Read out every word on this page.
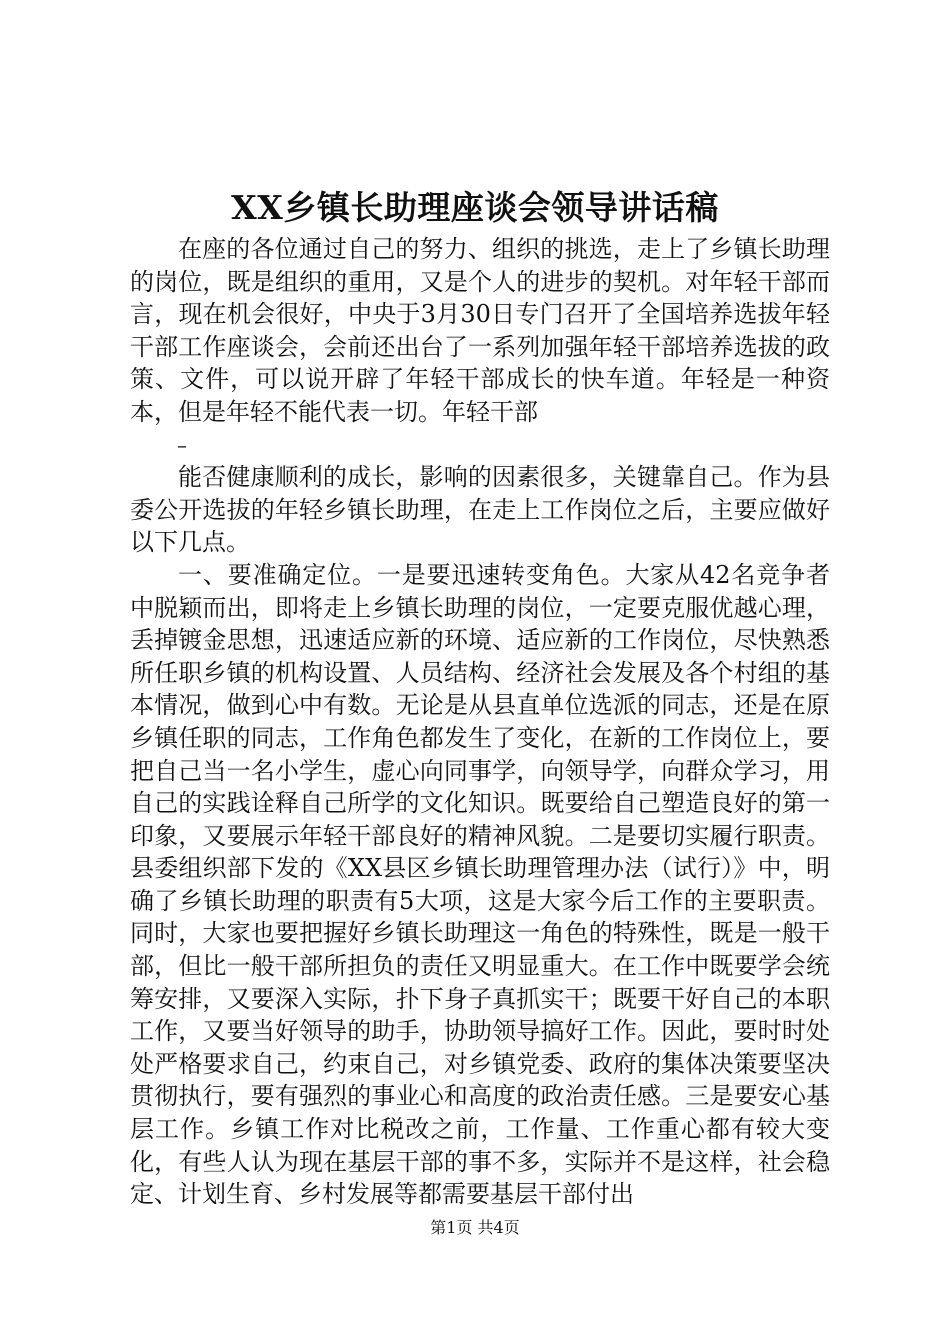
XX乡镇长助理座谈会领导讲话稿

在座的各位通过自己的努力、组织的挑选，走上了乡镇长助理的岗位，既是组织的重用，又是个人的进步的契机。对年轻干部而言，现在机会很好，中央于3月30日专门召开了全国培养选拔年轻干部工作座谈会，会前还出台了一系列加强年轻干部培养选拔的政策、文件，可以说开辟了年轻干部成长的快车道。年轻是一种资本，但是年轻不能代表一切。年轻干部

–

能否健康顺利的成长，影响的因素很多，关键靠自己。作为县委公开选拔的年轻乡镇长助理，在走上工作岗位之后，主要应做好以下几点。

一、要准确定位。一是要迅速转变角色。大家从42名竞争者中脱颖而出，即将走上乡镇长助理的岗位，一定要克服优越心理，丢掉镀金思想，迅速适应新的环境、适应新的工作岗位，尽快熟悉所任职乡镇的机构设置、人员结构、经济社会发展及各个村组的基本情况，做到心中有数。无论是从县直单位选派的同志，还是在原乡镇任职的同志，工作角色都发生了变化，在新的工作岗位上，要把自己当一名小学生，虚心向同事学，向领导学，向群众学习，用自己的实践诠释自己所学的文化知识。既要给自己塑造良好的第一印象，又要展示年轻干部良好的精神风貌。二是要切实履行职责。县委组织部下发的《XX县区乡镇长助理管理办法（试行）》中，明确了乡镇长助理的职责有5大项，这是大家今后工作的主要职责。同时，大家也要把握好乡镇长助理这一角色的特殊性，既是一般干部，但比一般干部所担负的责任又明显重大。在工作中既要学会统筹安排，又要深入实际，扑下身子真抓实干；既要干好自己的本职工作，又要当好领导的助手，协助领导搞好工作。因此，要时时处处严格要求自己，约束自己，对乡镇党委、政府的集体决策要坚决贯彻执行，要有强烈的事业心和高度的政治责任感。三是要安心基层工作。乡镇工作对比税改之前，工作量、工作重心都有较大变化，有些人认为现在基层干部的事不多，实际并不是这样，社会稳定、计划生育、乡村发展等都需要基层干部付出

第1页 共4页
